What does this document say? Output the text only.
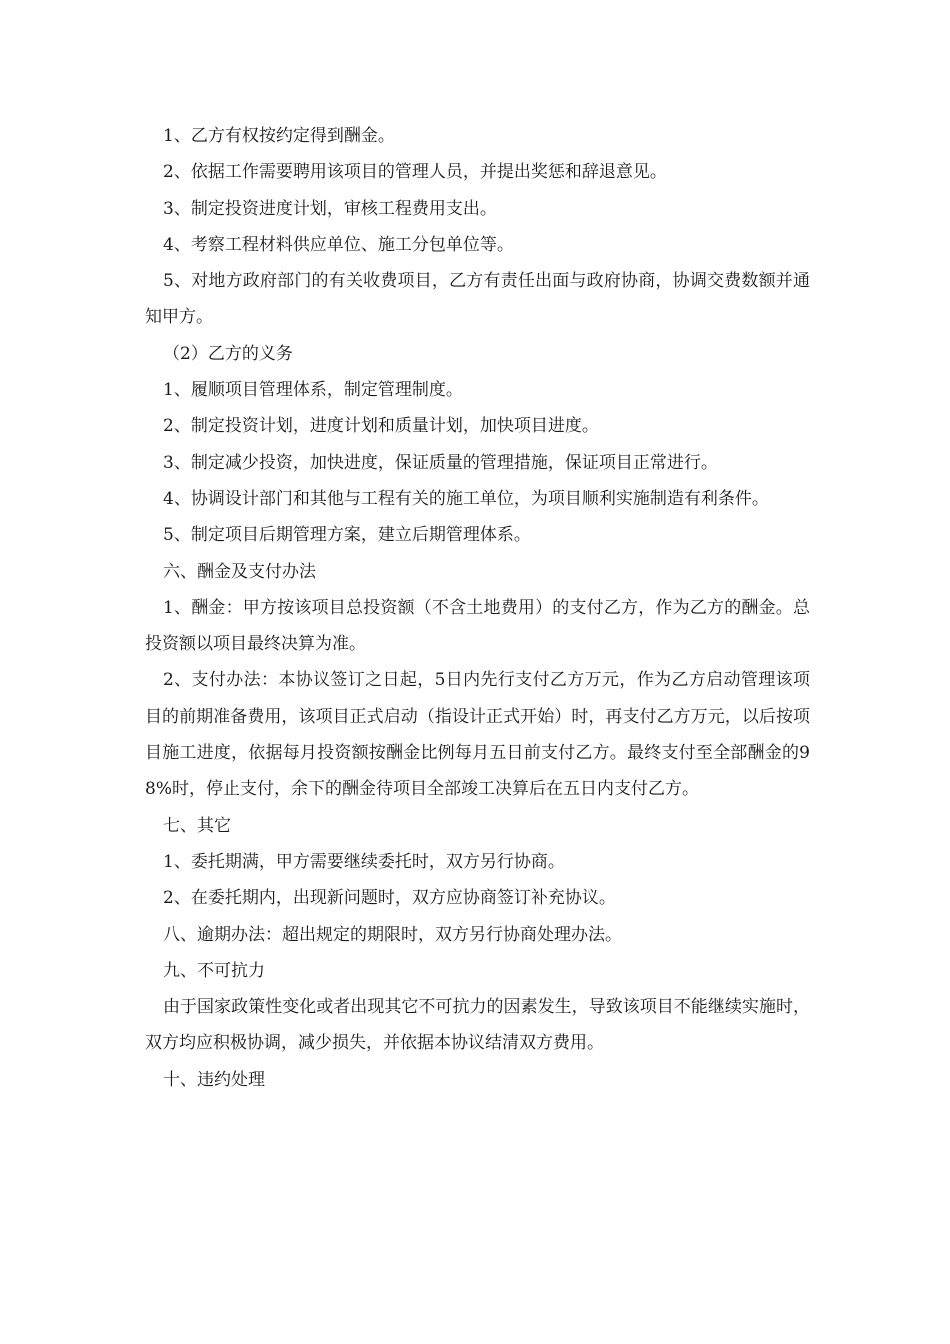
1、乙方有权按约定得到酬金。

2、依据工作需要聘用该项目的管理人员，并提出奖惩和辞退意见。

3、制定投资进度计划，审核工程费用支出。

4、考察工程材料供应单位、施工分包单位等。

5、对地方政府部门的有关收费项目，乙方有责任出面与政府协商，协调交费数额并通知甲方。

（2）乙方的义务

1、履顺项目管理体系，制定管理制度。

2、制定投资计划，进度计划和质量计划，加快项目进度。

3、制定减少投资，加快进度，保证质量的管理措施，保证项目正常进行。

4、协调设计部门和其他与工程有关的施工单位，为项目顺利实施制造有利条件。

5、制定项目后期管理方案，建立后期管理体系。

六、酬金及支付办法

1、酬金：甲方按该项目总投资额（不含土地费用）的支付乙方，作为乙方的酬金。总投资额以项目最终决算为准。

2、支付办法：本协议签订之日起，5日内先行支付乙方万元，作为乙方启动管理该项目的前期准备费用，该项目正式启动（指设计正式开始）时，再支付乙方万元，以后按项目施工进度，依据每月投资额按酬金比例每月五日前支付乙方。最终支付至全部酬金的98%时，停止支付，余下的酬金待项目全部竣工决算后在五日内支付乙方。

七、其它

1、委托期满，甲方需要继续委托时，双方另行协商。

2、在委托期内，出现新问题时，双方应协商签订补充协议。

八、逾期办法：超出规定的期限时，双方另行协商处理办法。

九、不可抗力

由于国家政策性变化或者出现其它不可抗力的因素发生，导致该项目不能继续实施时，双方均应积极协调，减少损失，并依据本协议结清双方费用。

十、违约处理
